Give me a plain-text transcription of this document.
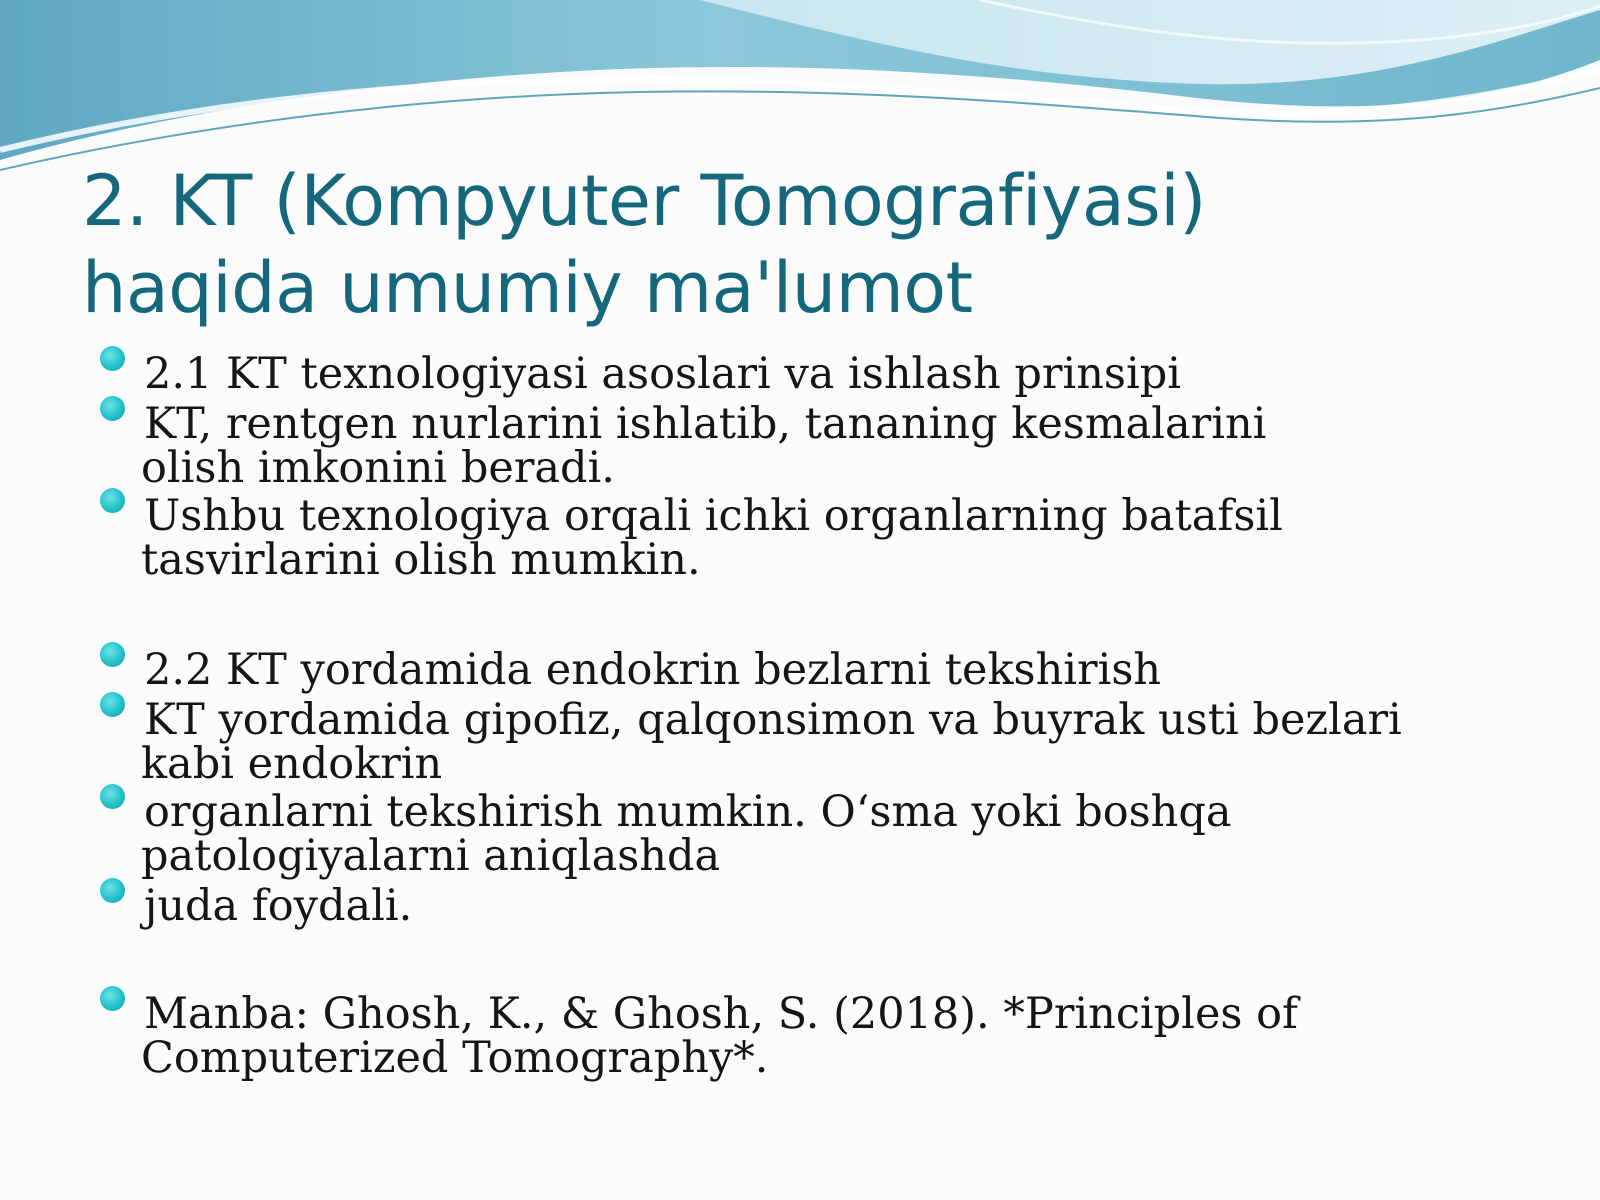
2. KT (Kompyuter Tomografiyasi)
haqida umumiy ma'lumot
2.1 KT texnologiyasi asoslari va ishlash prinsipi
KT, rentgen nurlarini ishlatib, tananing kesmalarini olish imkonini beradi.
Ushbu texnologiya orqali ichki organlarning batafsil tasvirlarini olish mumkin.
2.2 KT yordamida endokrin bezlarni tekshirish
KT yordamida gipofiz, qalqonsimon va buyrak usti bezlari kabi endokrin
organlarni tekshirish mumkin. O‘sma yoki boshqa patologiyalarni aniqlashda
juda foydali.
Manba: Ghosh, K., & Ghosh, S. (2018). *Principles of Computerized Tomography*.
